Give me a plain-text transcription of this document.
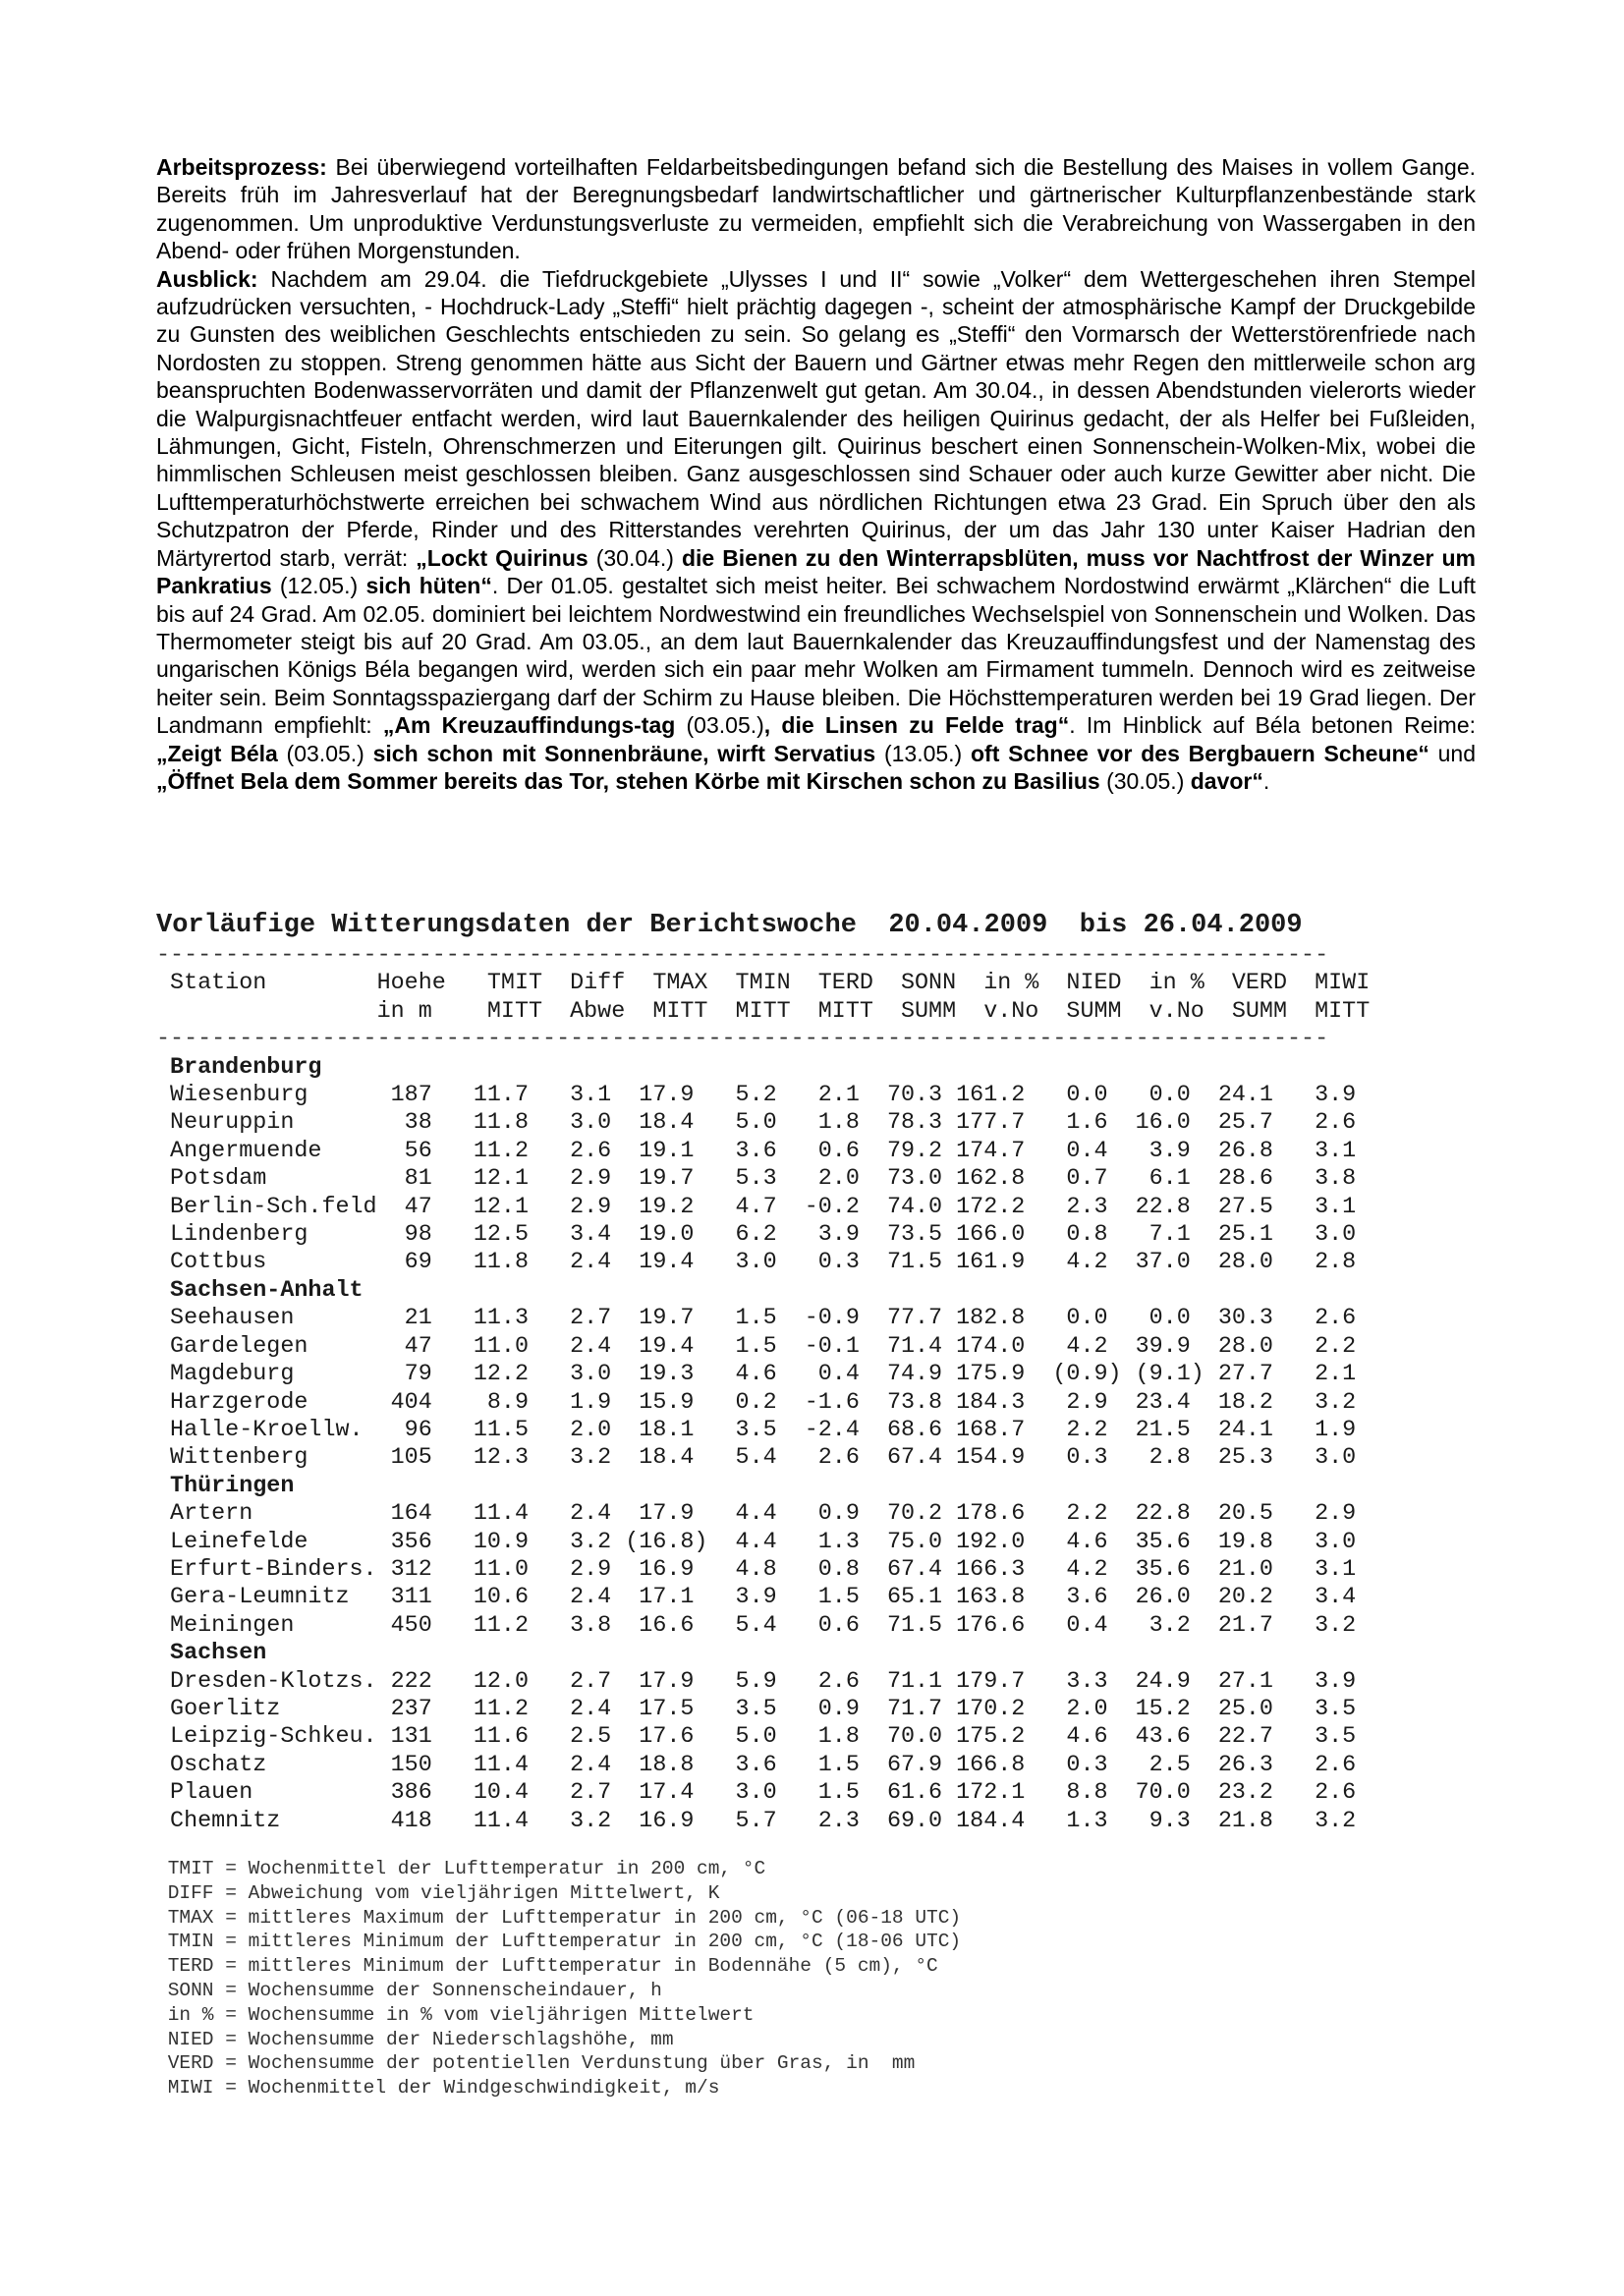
Arbeitsprozess: Bei überwiegend vorteilhaften Feldarbeitsbedingungen befand sich die Bestellung des Maises in vollem Gange. Bereits früh im Jahresverlauf hat der Beregnungsbedarf landwirtschaftlicher und gärtnerischer Kulturpflanzenbestände stark zugenommen. Um unproduktive Verdunstungsverluste zu vermeiden, empfiehlt sich die Verabreichung von Wassergaben in den Abend- oder frühen Morgenstunden.

Ausblick: Nachdem am 29.04. die Tiefdruckgebiete „Ulysses I und II“ sowie „Volker“ dem Wettergeschehen ihren Stempel aufzudrücken versuchten, - Hochdruck-Lady „Steffi“ hielt prächtig dagegen -, scheint der atmosphärische Kampf der Druckgebilde zu Gunsten des weiblichen Geschlechts entschieden zu sein. So gelang es „Steffi“ den Vormarsch der Wetterstörenfriede nach Nordosten zu stoppen. Streng genommen hätte aus Sicht der Bauern und Gärtner etwas mehr Regen den mittlerweile schon arg beanspruchten Bodenwasservorräten und damit der Pflanzenwelt gut getan. Am 30.04., in dessen Abendstunden vielerorts wieder die Walpurgisnachtfeuer entfacht werden, wird laut Bauernkalender des heiligen Quirinus gedacht, der als Helfer bei Fußleiden, Lähmungen, Gicht, Fisteln, Ohrenschmerzen und Eiterungen gilt. Quirinus beschert einen Sonnenschein-Wolken-Mix, wobei die himmlischen Schleusen meist geschlossen bleiben. Ganz ausgeschlossen sind Schauer oder auch kurze Gewitter aber nicht. Die Lufttemperaturhöchstwerte erreichen bei schwachem Wind aus nördlichen Richtungen etwa 23 Grad. Ein Spruch über den als Schutzpatron der Pferde, Rinder und des Ritterstandes verehrten Quirinus, der um das Jahr 130 unter Kaiser Hadrian den Märtyrertod starb, verrät: „Lockt Quirinus (30.04.) die Bienen zu den Winterrapsblüten, muss vor Nachtfrost der Winzer um Pankratius (12.05.) sich hüten“. Der 01.05. gestaltet sich meist heiter. Bei schwachem Nordostwind erwärmt „Klärchen“ die Luft bis auf 24 Grad. Am 02.05. dominiert bei leichtem Nordwestwind ein freundliches Wechselspiel von Sonnenschein und Wolken. Das Thermometer steigt bis auf 20 Grad. Am 03.05., an dem laut Bauernkalender das Kreuzauffindungsfest und der Namenstag des ungarischen Königs Béla begangen wird, werden sich ein paar mehr Wolken am Firmament tummeln. Dennoch wird es zeitweise heiter sein. Beim Sonntagsspaziergang darf der Schirm zu Hause bleiben. Die Höchsttemperaturen werden bei 19 Grad liegen. Der Landmann empfiehlt: „Am Kreuzauffindungs-tag (03.05.), die Linsen zu Felde trag“. Im Hinblick auf Béla betonen Reime: „Zeigt Béla (03.05.) sich schon mit Sonnenbräune, wirft Servatius (13.05.) oft Schnee vor des Bergbauern Scheune“ und „Öffnet Bela dem Sommer bereits das Tor, stehen Körbe mit Kirschen schon zu Basilius (30.05.) davor“.

Vorläufige Witterungsdaten der Berichtswoche  20.04.2009  bis 26.04.2009
-------------------------------------------------------------------------------------
Station        Hoehe   TMIT  Diff  TMAX  TMIN  TERD  SONN  in %  NIED  in %  VERD  MIWI
in m    MITT  Abwe  MITT  MITT  MITT  SUMM  v.No  SUMM  v.No  SUMM  MITT
-------------------------------------------------------------------------------------
Brandenburg
Wiesenburg      187   11.7   3.1  17.9   5.2   2.1  70.3 161.2   0.0   0.0  24.1   3.9
Neuruppin        38   11.8   3.0  18.4   5.0   1.8  78.3 177.7   1.6  16.0  25.7   2.6
Angermuende      56   11.2   2.6  19.1   3.6   0.6  79.2 174.7   0.4   3.9  26.8   3.1
Potsdam          81   12.1   2.9  19.7   5.3   2.0  73.0 162.8   0.7   6.1  28.6   3.8
Berlin-Sch.feld  47   12.1   2.9  19.2   4.7  -0.2  74.0 172.2   2.3  22.8  27.5   3.1
Lindenberg       98   12.5   3.4  19.0   6.2   3.9  73.5 166.0   0.8   7.1  25.1   3.0
Cottbus          69   11.8   2.4  19.4   3.0   0.3  71.5 161.9   4.2  37.0  28.0   2.8
Sachsen-Anhalt
Seehausen        21   11.3   2.7  19.7   1.5  -0.9  77.7 182.8   0.0   0.0  30.3   2.6
Gardelegen       47   11.0   2.4  19.4   1.5  -0.1  71.4 174.0   4.2  39.9  28.0   2.2
Magdeburg        79   12.2   3.0  19.3   4.6   0.4  74.9 175.9  (0.9) (9.1) 27.7   2.1
Harzgerode      404    8.9   1.9  15.9   0.2  -1.6  73.8 184.3   2.9  23.4  18.2   3.2
Halle-Kroellw.   96   11.5   2.0  18.1   3.5  -2.4  68.6 168.7   2.2  21.5  24.1   1.9
Wittenberg      105   12.3   3.2  18.4   5.4   2.6  67.4 154.9   0.3   2.8  25.3   3.0
Thüringen
Artern          164   11.4   2.4  17.9   4.4   0.9  70.2 178.6   2.2  22.8  20.5   2.9
Leinefelde      356   10.9   3.2 (16.8)  4.4   1.3  75.0 192.0   4.6  35.6  19.8   3.0
Erfurt-Binders. 312   11.0   2.9  16.9   4.8   0.8  67.4 166.3   4.2  35.6  21.0   3.1
Gera-Leumnitz   311   10.6   2.4  17.1   3.9   1.5  65.1 163.8   3.6  26.0  20.2   3.4
Meiningen       450   11.2   3.8  16.6   5.4   0.6  71.5 176.6   0.4   3.2  21.7   3.2
Sachsen
Dresden-Klotzs. 222   12.0   2.7  17.9   5.9   2.6  71.1 179.7   3.3  24.9  27.1   3.9
Goerlitz        237   11.2   2.4  17.5   3.5   0.9  71.7 170.2   2.0  15.2  25.0   3.5
Leipzig-Schkeu. 131   11.6   2.5  17.6   5.0   1.8  70.0 175.2   4.6  43.6  22.7   3.5
Oschatz         150   11.4   2.4  18.8   3.6   1.5  67.9 166.8   0.3   2.5  26.3   2.6
Plauen          386   10.4   2.7  17.4   3.0   1.5  61.6 172.1   8.8  70.0  23.2   2.6
Chemnitz        418   11.4   3.2  16.9   5.7   2.3  69.0 184.4   1.3   9.3  21.8   3.2
TMIT = Wochenmittel der Lufttemperatur in 200 cm, °C
DIFF = Abweichung vom vieljährigen Mittelwert, K
TMAX = mittleres Maximum der Lufttemperatur in 200 cm, °C (06-18 UTC)
TMIN = mittleres Minimum der Lufttemperatur in 200 cm, °C (18-06 UTC)
TERD = mittleres Minimum der Lufttemperatur in Bodennähe (5 cm), °C
SONN = Wochensumme der Sonnenscheindauer, h
in % = Wochensumme in % vom vieljährigen Mittelwert
NIED = Wochensumme der Niederschlagshöhe, mm
VERD = Wochensumme der potentiellen Verdunstung über Gras, in  mm
MIWI = Wochenmittel der Windgeschwindigkeit, m/s
